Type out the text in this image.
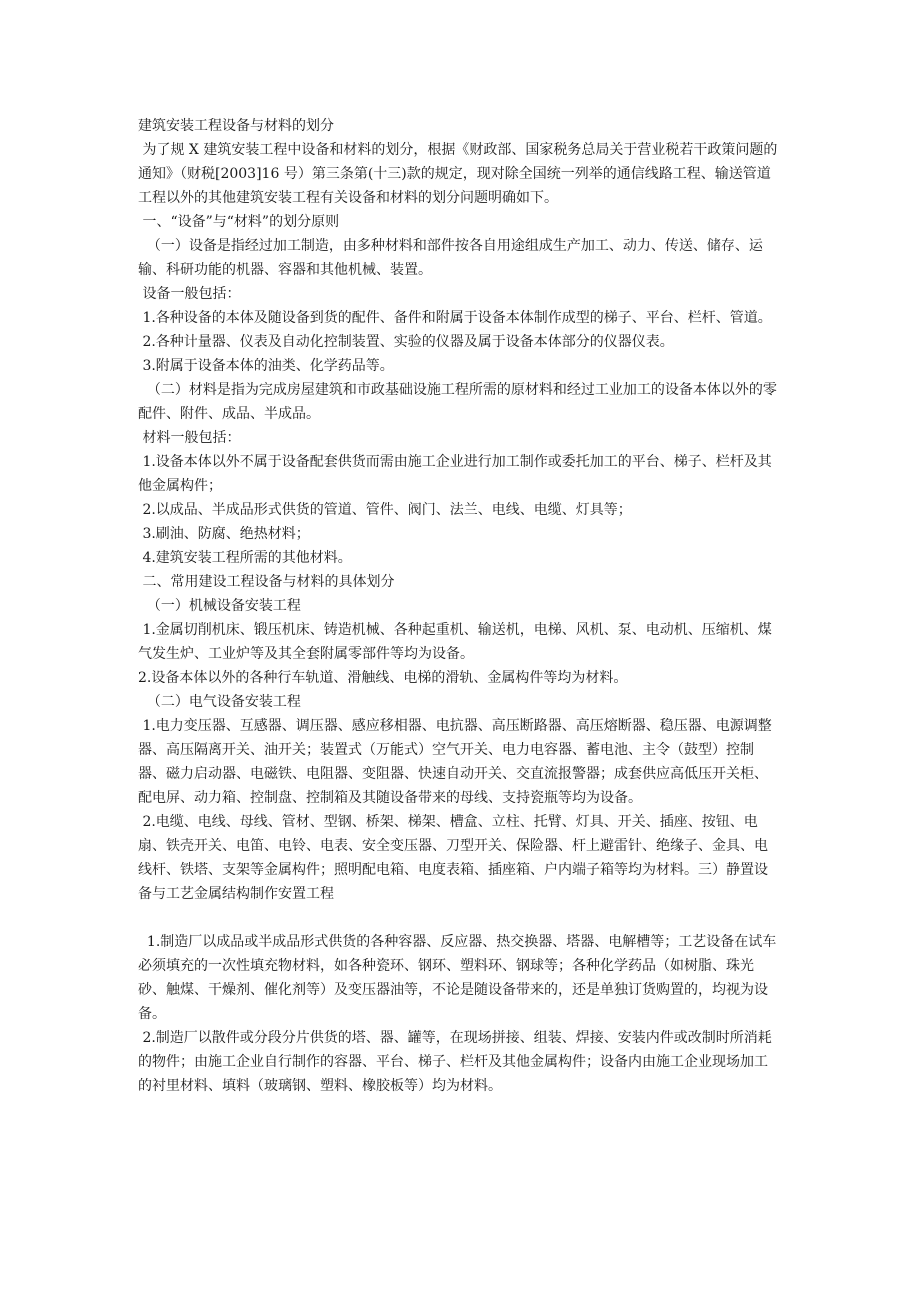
建筑安装工程设备与材料的划分

为了规 X 建筑安装工程中设备和材料的划分，根据《财政部、国家税务总局关于营业税若干政策问题的通知》（财税[2003]16 号）第三条第(十三)款的规定，现对除全国统一列举的通信线路工程、输送管道工程以外的其他建筑安装工程有关设备和材料的划分问题明确如下。

一、“设备”与“材料”的划分原则

（一）设备是指经过加工制造，由多种材料和部件按各自用途组成生产加工、动力、传送、储存、运输、科研功能的机器、容器和其他机械、装置。

设备一般包括：

1.各种设备的本体及随设备到货的配件、备件和附属于设备本体制作成型的梯子、平台、栏杆、管道。

2.各种计量器、仪表及自动化控制装置、实验的仪器及属于设备本体部分的仪器仪表。

3.附属于设备本体的油类、化学药品等。

（二）材料是指为完成房屋建筑和市政基础设施工程所需的原材料和经过工业加工的设备本体以外的零配件、附件、成品、半成品。

材料一般包括：

1.设备本体以外不属于设备配套供货而需由施工企业进行加工制作或委托加工的平台、梯子、栏杆及其他金属构件；

2.以成品、半成品形式供货的管道、管件、阀门、法兰、电线、电缆、灯具等；

3.刷油、防腐、绝热材料；

4.建筑安装工程所需的其他材料。

二、常用建设工程设备与材料的具体划分

（一）机械设备安装工程

1.金属切削机床、锻压机床、铸造机械、各种起重机、输送机，电梯、风机、泵、电动机、压缩机、煤气发生炉、工业炉等及其全套附属零部件等均为设备。

2.设备本体以外的各种行车轨道、滑触线、电梯的滑轨、金属构件等均为材料。

（二）电气设备安装工程

1.电力变压器、互感器、调压器、感应移相器、电抗器、高压断路器、高压熔断器、稳压器、电源调整器、高压隔离开关、油开关；装置式（万能式）空气开关、电力电容器、蓄电池、主令（鼓型）控制器、磁力启动器、电磁铁、电阻器、变阻器、快速自动开关、交直流报警器；成套供应高低压开关柜、配电屏、动力箱、控制盘、控制箱及其随设备带来的母线、支持瓷瓶等均为设备。

2.电缆、电线、母线、管材、型钢、桥架、梯架、槽盒、立柱、托臂、灯具、开关、插座、按钮、电扇、铁壳开关、电笛、电铃、电表、安全变压器、刀型开关、保险器、杆上避雷针、绝缘子、金具、电线杆、铁塔、支架等金属构件；照明配电箱、电度表箱、插座箱、户内端子箱等均为材料。三）静置设备与工艺金属结构制作安置工程

1.制造厂以成品或半成品形式供货的各种容器、反应器、热交换器、塔器、电解槽等；工艺设备在试车必须填充的一次性填充物材料，如各种瓷环、钢环、塑料环、钢球等；各种化学药品（如树脂、珠光砂、触煤、干燥剂、催化剂等）及变压器油等，不论是随设备带来的，还是单独订货购置的，均视为设备。

2.制造厂以散件或分段分片供货的塔、器、罐等，在现场拼接、组装、焊接、安装内件或改制时所消耗的物件；由施工企业自行制作的容器、平台、梯子、栏杆及其他金属构件；设备内由施工企业现场加工的衬里材料、填料（玻璃钢、塑料、橡胶板等）均为材料。
